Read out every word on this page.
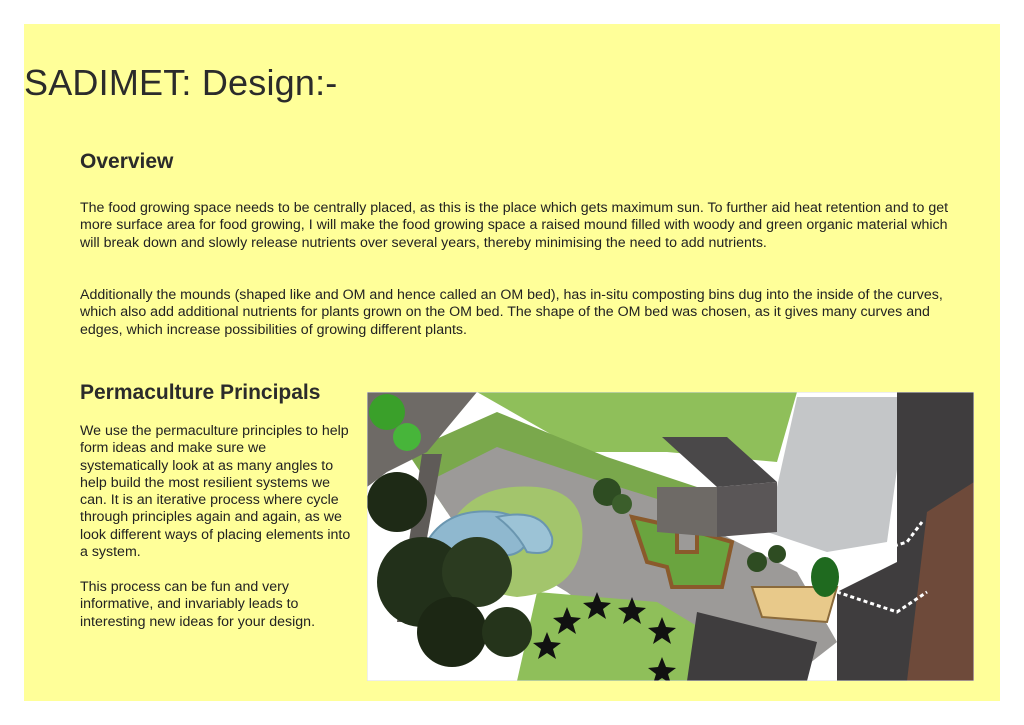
SADIMET: Design:-
Overview

The food growing space needs to be centrally placed, as this is the place which gets maximum sun. To further aid heat retention and to get more surface area for food growing, I will make the food growing space a raised mound filled with woody and green organic material which will break down and slowly release nutrients over several years, thereby minimising the need to add nutrients.

Additionally the mounds (shaped like and OM and hence called an OM bed), has in-situ composting bins dug into the inside of the curves, which also add additional nutrients for plants grown on the OM bed. The shape of the OM bed was chosen, as it gives many curves and edges, which increase possibilities of growing different plants.

Permaculture Principals

We use the permaculture principles to help form ideas and make sure we systematically look at as many angles to help build the most resilient systems we can. It is an iterative process where cycle through principles again and again, as we look different ways of placing elements into a system.

This process can be fun and very informative, and invariably leads to interesting new ideas for your design.
